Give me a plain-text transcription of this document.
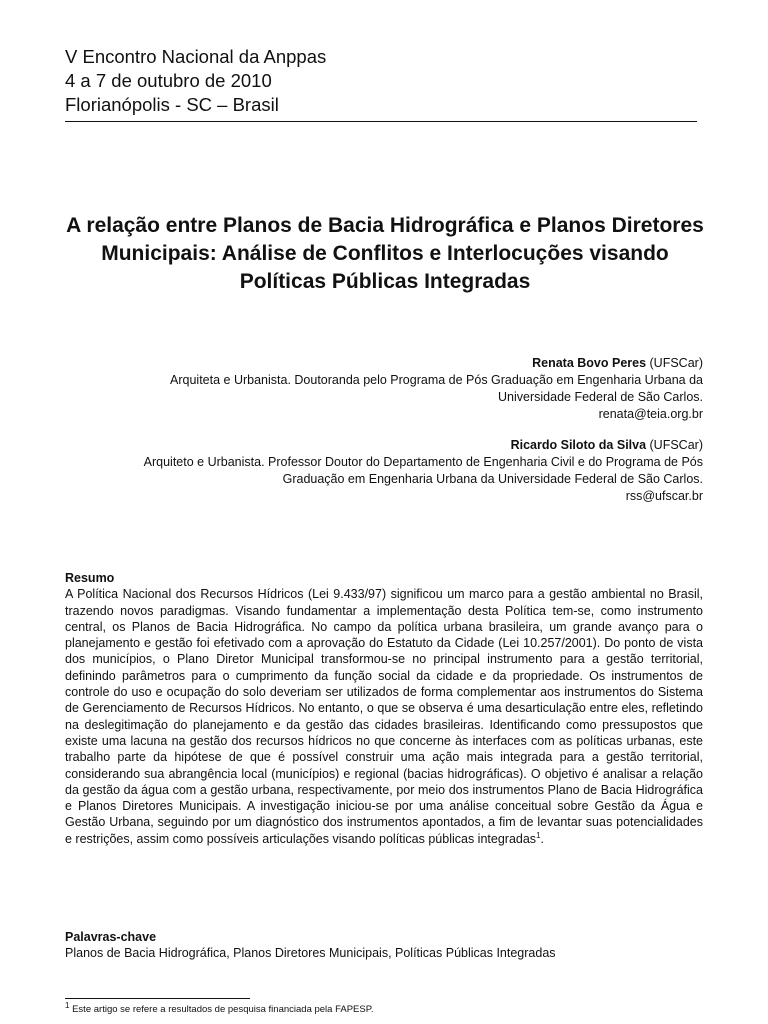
V Encontro Nacional da Anppas

4 a 7 de outubro de 2010

Florianópolis - SC – Brasil

A relação entre Planos de Bacia Hidrográfica e Planos Diretores Municipais: Análise de Conflitos e Interlocuções visando Políticas Públicas Integradas

Renata Bovo Peres (UFSCar)

Arquiteta e Urbanista. Doutoranda pelo Programa de Pós Graduação em Engenharia Urbana da

Universidade Federal de São Carlos.

renata@teia.org.br

Ricardo Siloto da Silva (UFSCar)

Arquiteto e Urbanista. Professor Doutor do Departamento de Engenharia Civil e do Programa de Pós

Graduação em Engenharia Urbana da Universidade Federal de São Carlos.

rss@ufscar.br

Resumo

A Política Nacional dos Recursos Hídricos (Lei 9.433/97) significou um marco para a gestão ambiental no Brasil, trazendo novos paradigmas. Visando fundamentar a implementação desta Política tem-se, como instrumento central, os Planos de Bacia Hidrográfica. No campo da política urbana brasileira, um grande avanço para o planejamento e gestão foi efetivado com a aprovação do Estatuto da Cidade (Lei 10.257/2001). Do ponto de vista dos municípios, o Plano Diretor Municipal transformou-se no principal instrumento para a gestão territorial, definindo parâmetros para o cumprimento da função social da cidade e da propriedade. Os instrumentos de controle do uso e ocupação do solo deveriam ser utilizados de forma complementar aos instrumentos do Sistema de Gerenciamento de Recursos Hídricos. No entanto, o que se observa é uma desarticulação entre eles, refletindo na deslegitimação do planejamento e da gestão das cidades brasileiras. Identificando como pressupostos que existe uma lacuna na gestão dos recursos hídricos no que concerne às interfaces com as políticas urbanas, este trabalho parte da hipótese de que é possível construir uma ação mais integrada para a gestão territorial, considerando sua abrangência local (municípios) e regional (bacias hidrográficas). O objetivo é analisar a relação da gestão da água com a gestão urbana, respectivamente, por meio dos instrumentos Plano de Bacia Hidrográfica e Planos Diretores Municipais. A investigação iniciou-se por uma análise conceitual sobre Gestão da Água e Gestão Urbana, seguindo por um diagnóstico dos instrumentos apontados, a fim de levantar suas potencialidades e restrições, assim como possíveis articulações visando políticas públicas integradas$^1$.

Palavras-chave

Planos de Bacia Hidrográfica, Planos Diretores Municipais, Políticas Públicas Integradas

$^1$ Este artigo se refere a resultados de pesquisa financiada pela FAPESP.
